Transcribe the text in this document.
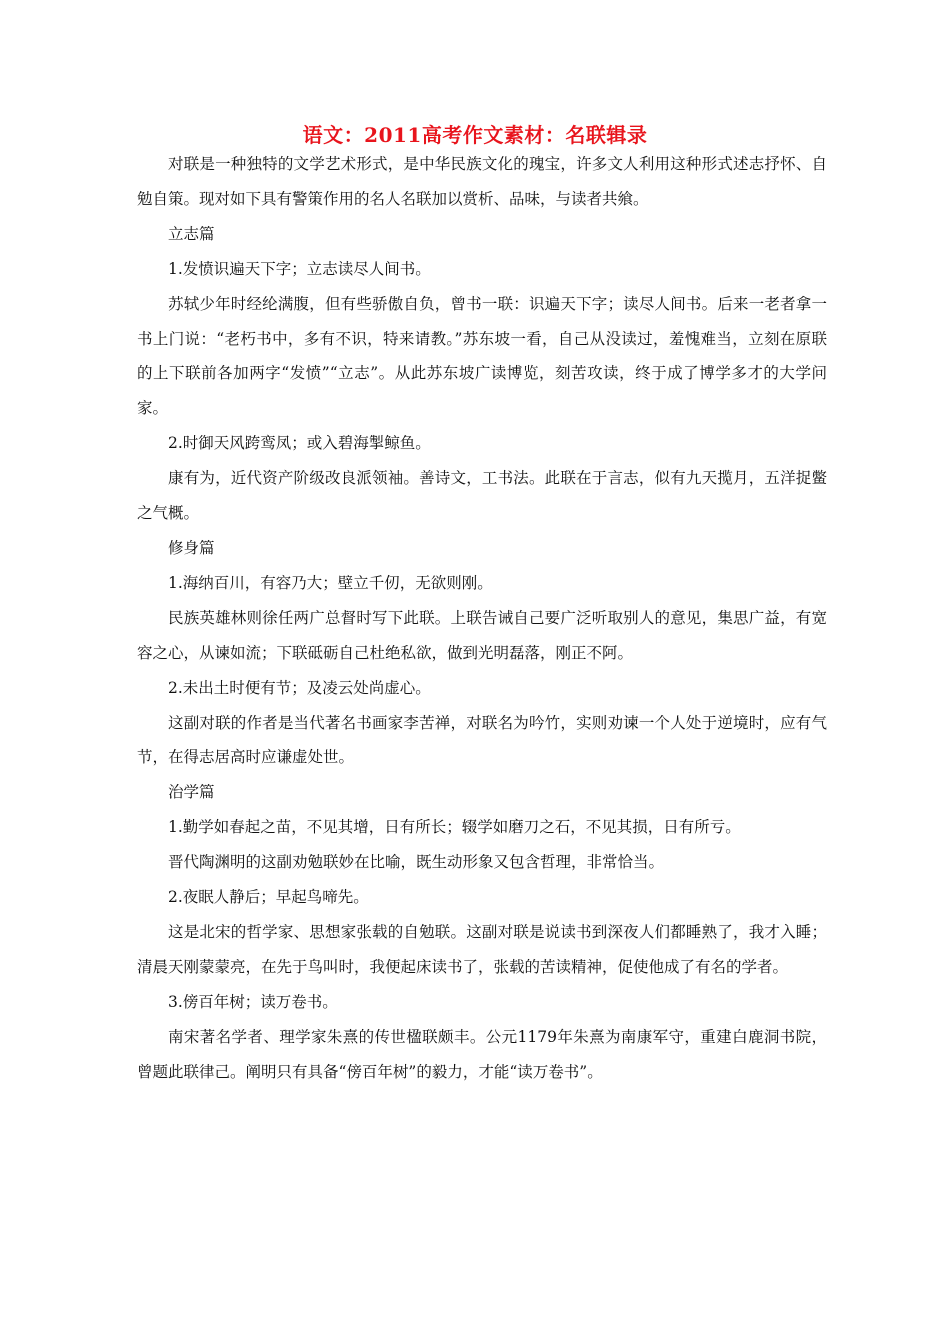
语文：2011高考作文素材：名联辑录

对联是一种独特的文学艺术形式，是中华民族文化的瑰宝，许多文人利用这种形式述志抒怀、自勉自策。现对如下具有警策作用的名人名联加以赏析、品味，与读者共飨。

立志篇

1.发愤识遍天下字；立志读尽人间书。

苏轼少年时经纶满腹，但有些骄傲自负，曾书一联：识遍天下字；读尽人间书。后来一老者拿一书上门说：“老朽书中，多有不识，特来请教。”苏东坡一看，自己从没读过，羞愧难当，立刻在原联的上下联前各加两字“发愤”“立志”。从此苏东坡广读博览，刻苦攻读，终于成了博学多才的大学问家。

2.时御天风跨鸾凤；或入碧海掣鲸鱼。

康有为，近代资产阶级改良派领袖。善诗文，工书法。此联在于言志，似有九天揽月，五洋捉鳖之气概。

修身篇

1.海纳百川，有容乃大；壁立千仞，无欲则刚。

民族英雄林则徐任两广总督时写下此联。上联告诫自己要广泛听取别人的意见，集思广益，有宽容之心，从谏如流；下联砥砺自己杜绝私欲，做到光明磊落，刚正不阿。

2.未出土时便有节；及凌云处尚虚心。

这副对联的作者是当代著名书画家李苦禅，对联名为吟竹，实则劝谏一个人处于逆境时，应有气节，在得志居高时应谦虚处世。

治学篇

1.勤学如春起之苗，不见其增，日有所长；辍学如磨刀之石，不见其损，日有所亏。

晋代陶渊明的这副劝勉联妙在比喻，既生动形象又包含哲理，非常恰当。

2.夜眠人静后；早起鸟啼先。

这是北宋的哲学家、思想家张载的自勉联。这副对联是说读书到深夜人们都睡熟了，我才入睡；清晨天刚蒙蒙亮，在先于鸟叫时，我便起床读书了，张载的苦读精神，促使他成了有名的学者。

3.傍百年树；读万卷书。

南宋著名学者、理学家朱熹的传世楹联颇丰。公元1179年朱熹为南康军守，重建白鹿洞书院，曾题此联律己。阐明只有具备“傍百年树”的毅力，才能“读万卷书”。
